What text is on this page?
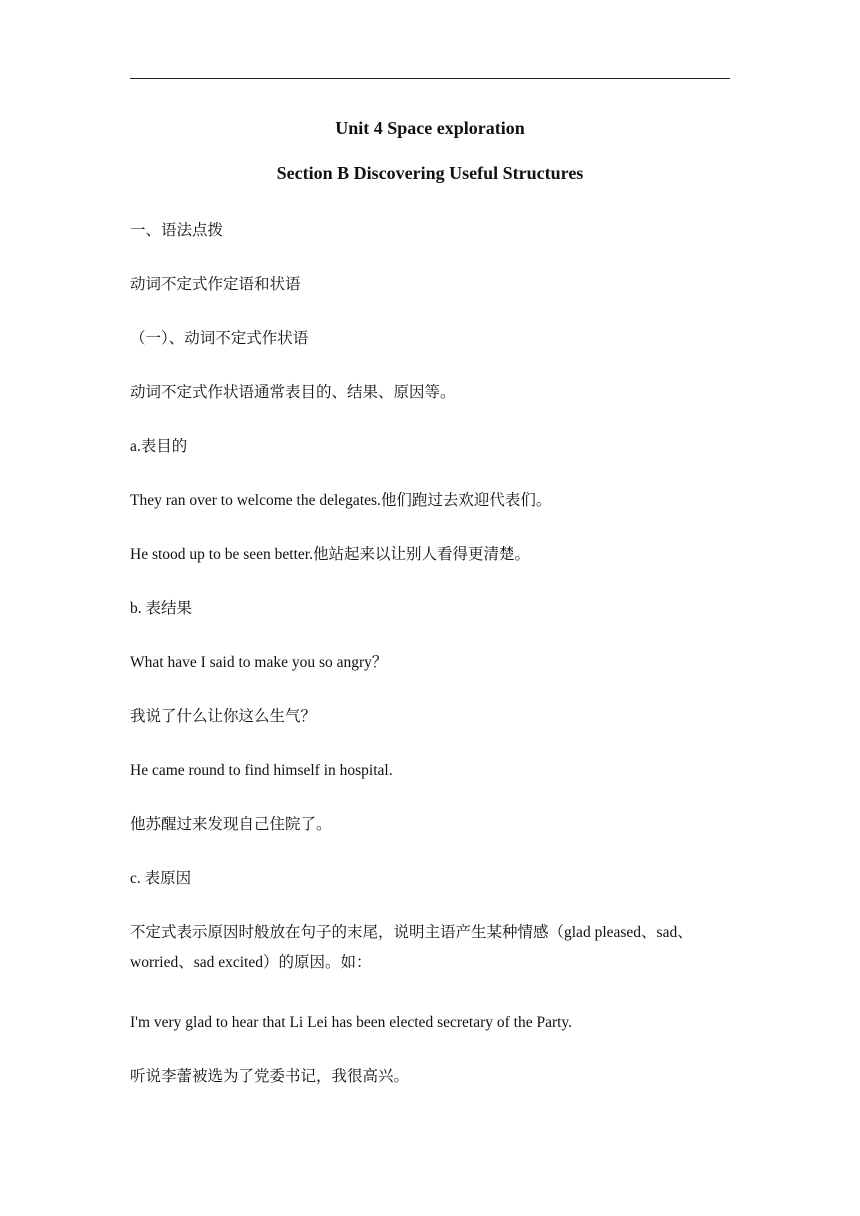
Unit 4 Space exploration
Section B Discovering Useful Structures

一、语法点拨

动词不定式作定语和状语

（一）、动词不定式作状语

动词不定式作状语通常表目的、结果、原因等。

a.表目的

They ran over to welcome the delegates.他们跑过去欢迎代表们。

He stood up to be seen better.他站起来以让别人看得更清楚。

b. 表结果

What have I said to make you so angry？

我说了什么让你这么生气？

He came round to find himself in hospital.

他苏醒过来发现自己住院了。

c. 表原因

不定式表示原因时般放在句子的末尾，说明主语产生某种情感（glad pleased、sad、worried、sad excited）的原因。如：

I'm very glad to hear that Li Lei has been elected secretary of the Party.

听说李蕾被选为了党委书记，我很高兴。
